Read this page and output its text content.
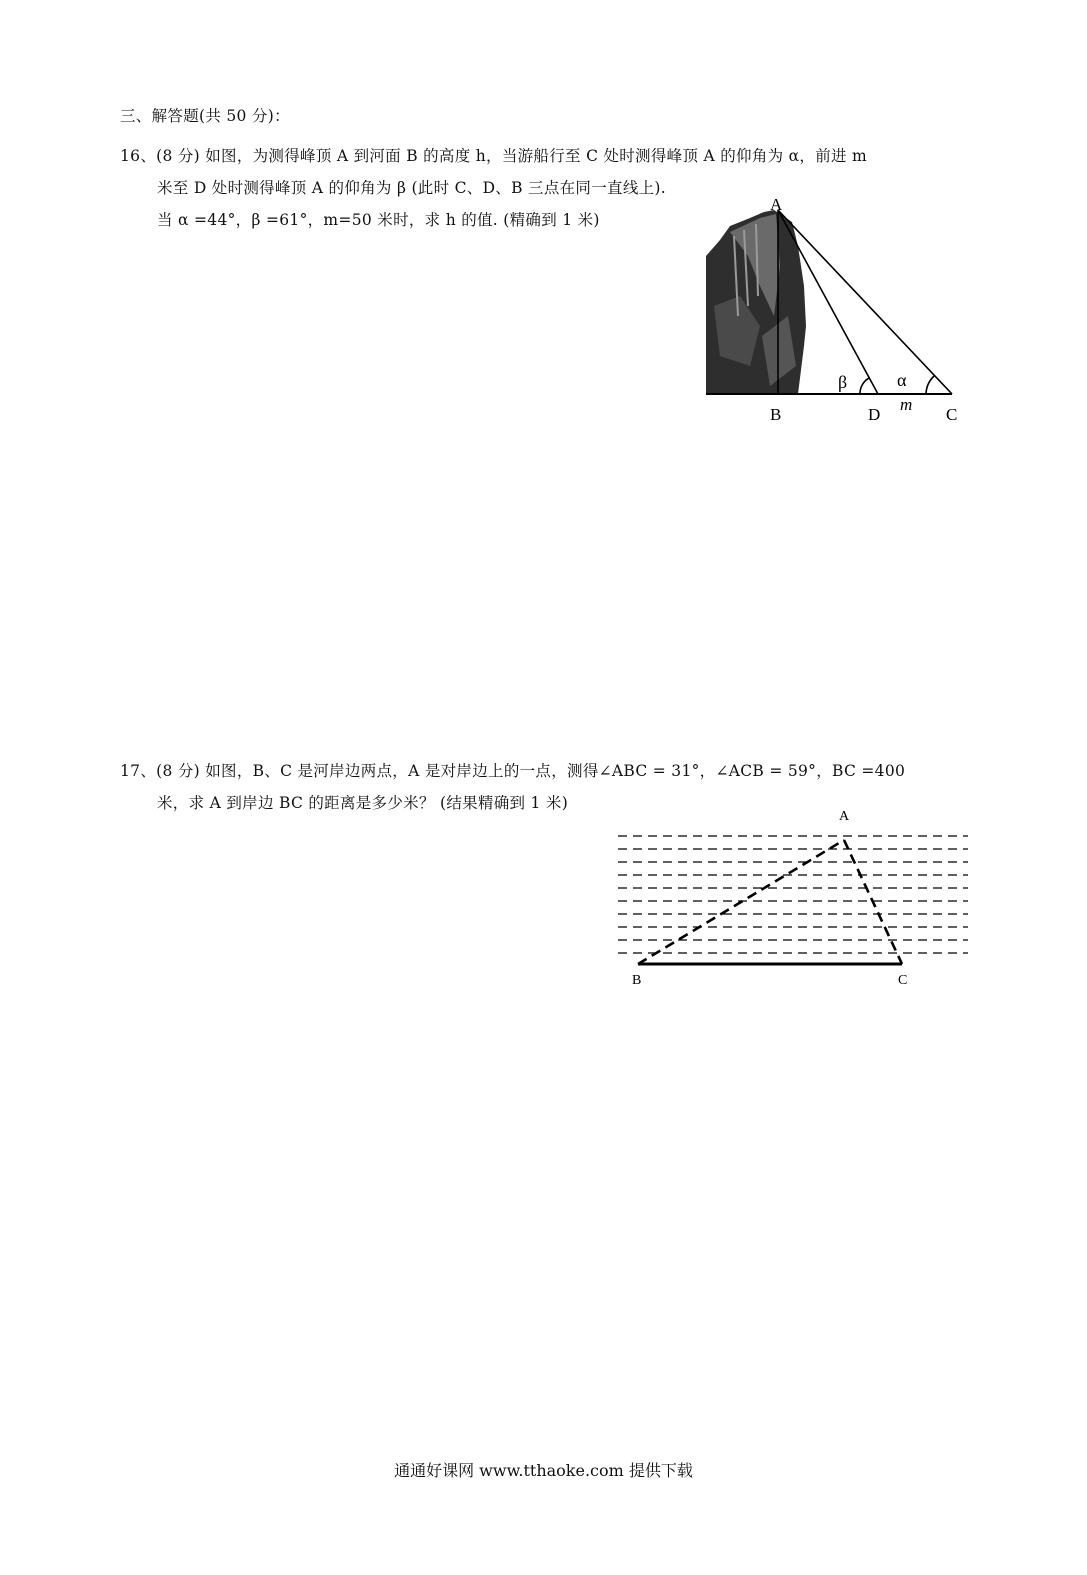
三、解答题(共 50 分)：
16、(8 分) 如图，为测得峰顶 A 到河面 B 的高度 h，当游船行至 C 处时测得峰顶 A 的仰角为 α，前进 m
米至 D 处时测得峰顶 A 的仰角为 β (此时 C、D、B 三点在同一直线上).
当 α =44°，β =61°，m=50 米时，求 h 的值. (精确到 1 米)
A
B	D
m
C
β	α
17、(8 分) 如图，B、C 是河岸边两点，A 是对岸边上的一点，测得∠ABC = 31°，∠ACB = 59°，BC =400
米，求 A 到岸边 BC 的距离是多少米？ (结果精确到 1 米)
A
B	C
通通好课网 www.tthaoke.com 提供下载
